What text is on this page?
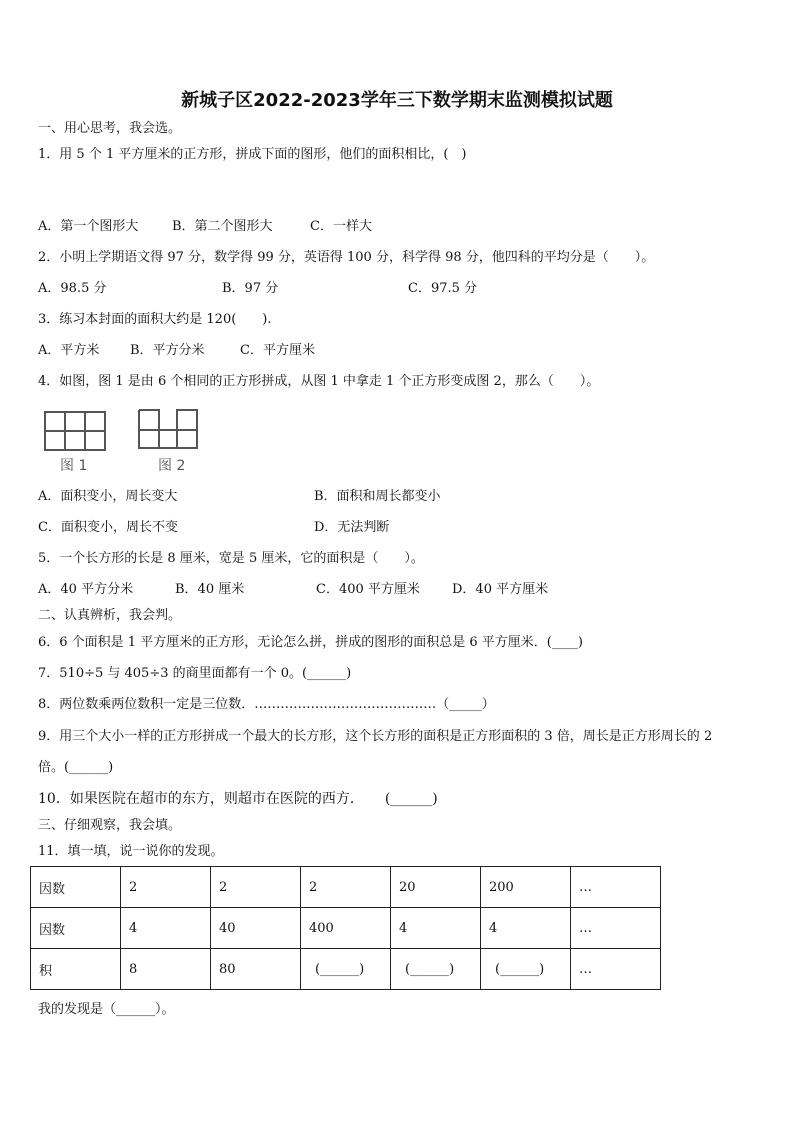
新城子区2022-2023学年三下数学期末监测模拟试题
一、用心思考，我会选。
1．用 5 个 1 平方厘米的正方形，拼成下面的图形，他们的面积相比，(　)
A．第一个图形大	B．第二个图形大	C．一样大
2．小明上学期语文得 97 分，数学得 99 分，英语得 100 分，科学得 98 分，他四科的平均分是（　　）。
A．98.5 分	B．97 分	C．97.5 分
3．练习本封面的面积大约是 120(　　).
A．平方米 B．平方分米	C．平方厘米
4．如图，图 1 是由 6 个相同的正方形拼成，从图 1 中拿走 1 个正方形变成图 2，那么（　　）。
图 1	图 2
A．面积变小，周长变大	B．面积和周长都变小
C．面积变小，周长不变	D．无法判断
5．一个长方形的长是 8 厘米，宽是 5 厘米，它的面积是（　　）。
A．40 平方分米	B．40 厘米	C．400 平方厘米 D．40 平方厘米
二、认真辨析，我会判。
6．6 个面积是 1 平方厘米的正方形，无论怎么拼，拼成的图形的面积总是 6 平方厘米．(____)
7．510÷5 与 405÷3 的商里面都有一个 0。(______)
8．两位数乘两位数积一定是三位数．……………………………………（_____）
9．用三个大小一样的正方形拼成一个最大的长方形，这个长方形的面积是正方形面积的 3 倍，周长是正方形周长的 2
倍。(______)
10．如果医院在超市的东方，则超市在医院的西方．　　(______)
三、仔细观察，我会填。
11．填一填，说一说你的发现。
因数	2	2	2	20	200	…
因数	4	40	400	4	4	…
积	8	80	(______)	(______)	(______)	…
我的发现是（______）。
